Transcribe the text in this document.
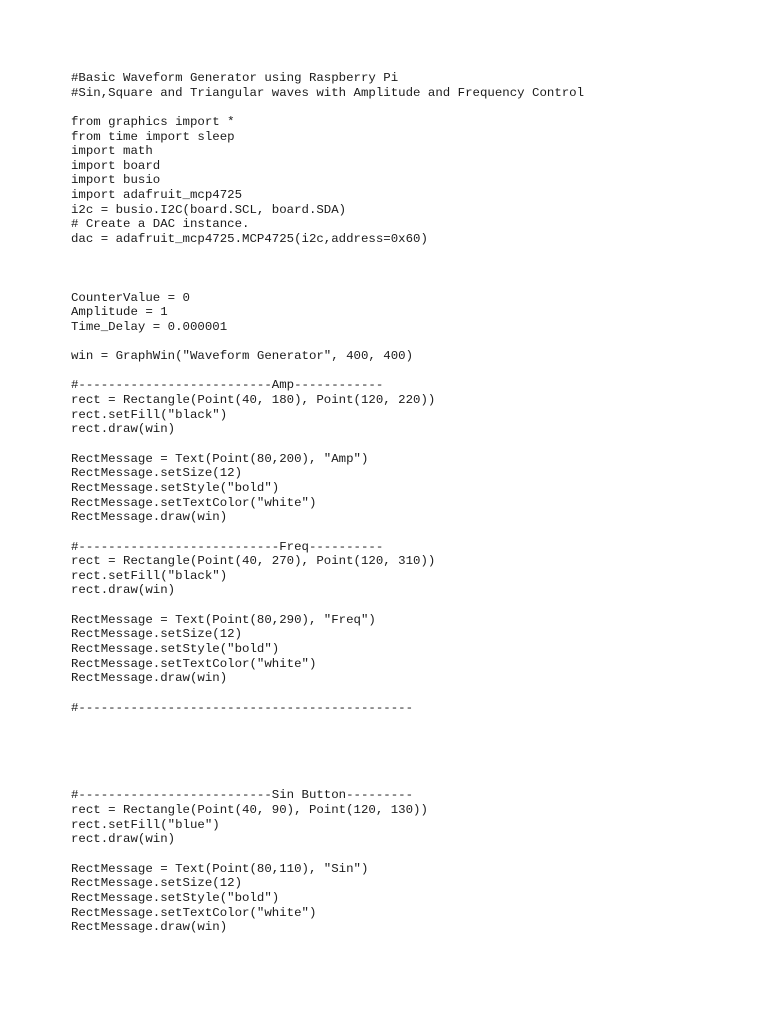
#Basic Waveform Generator using Raspberry Pi
#Sin,Square and Triangular waves with Amplitude and Frequency Control
from graphics import *
from time import sleep
import math
import board
import busio
import adafruit_mcp4725
i2c = busio.I2C(board.SCL, board.SDA)
# Create a DAC instance.
dac = adafruit_mcp4725.MCP4725(i2c,address=0x60)
CounterValue = 0
Amplitude = 1
Time_Delay = 0.000001
win = GraphWin("Waveform Generator", 400, 400)
#--------------------------Amp------------
rect = Rectangle(Point(40, 180), Point(120, 220))
rect.setFill("black")
rect.draw(win)
RectMessage = Text(Point(80,200), "Amp")
RectMessage.setSize(12)
RectMessage.setStyle("bold")
RectMessage.setTextColor("white")
RectMessage.draw(win)
#---------------------------Freq----------
rect = Rectangle(Point(40, 270), Point(120, 310))
rect.setFill("black")
rect.draw(win)
RectMessage = Text(Point(80,290), "Freq")
RectMessage.setSize(12)
RectMessage.setStyle("bold")
RectMessage.setTextColor("white")
RectMessage.draw(win)
#---------------------------------------------
#--------------------------Sin Button---------
rect = Rectangle(Point(40, 90), Point(120, 130))
rect.setFill("blue")
rect.draw(win)
RectMessage = Text(Point(80,110), "Sin")
RectMessage.setSize(12)
RectMessage.setStyle("bold")
RectMessage.setTextColor("white")
RectMessage.draw(win)
